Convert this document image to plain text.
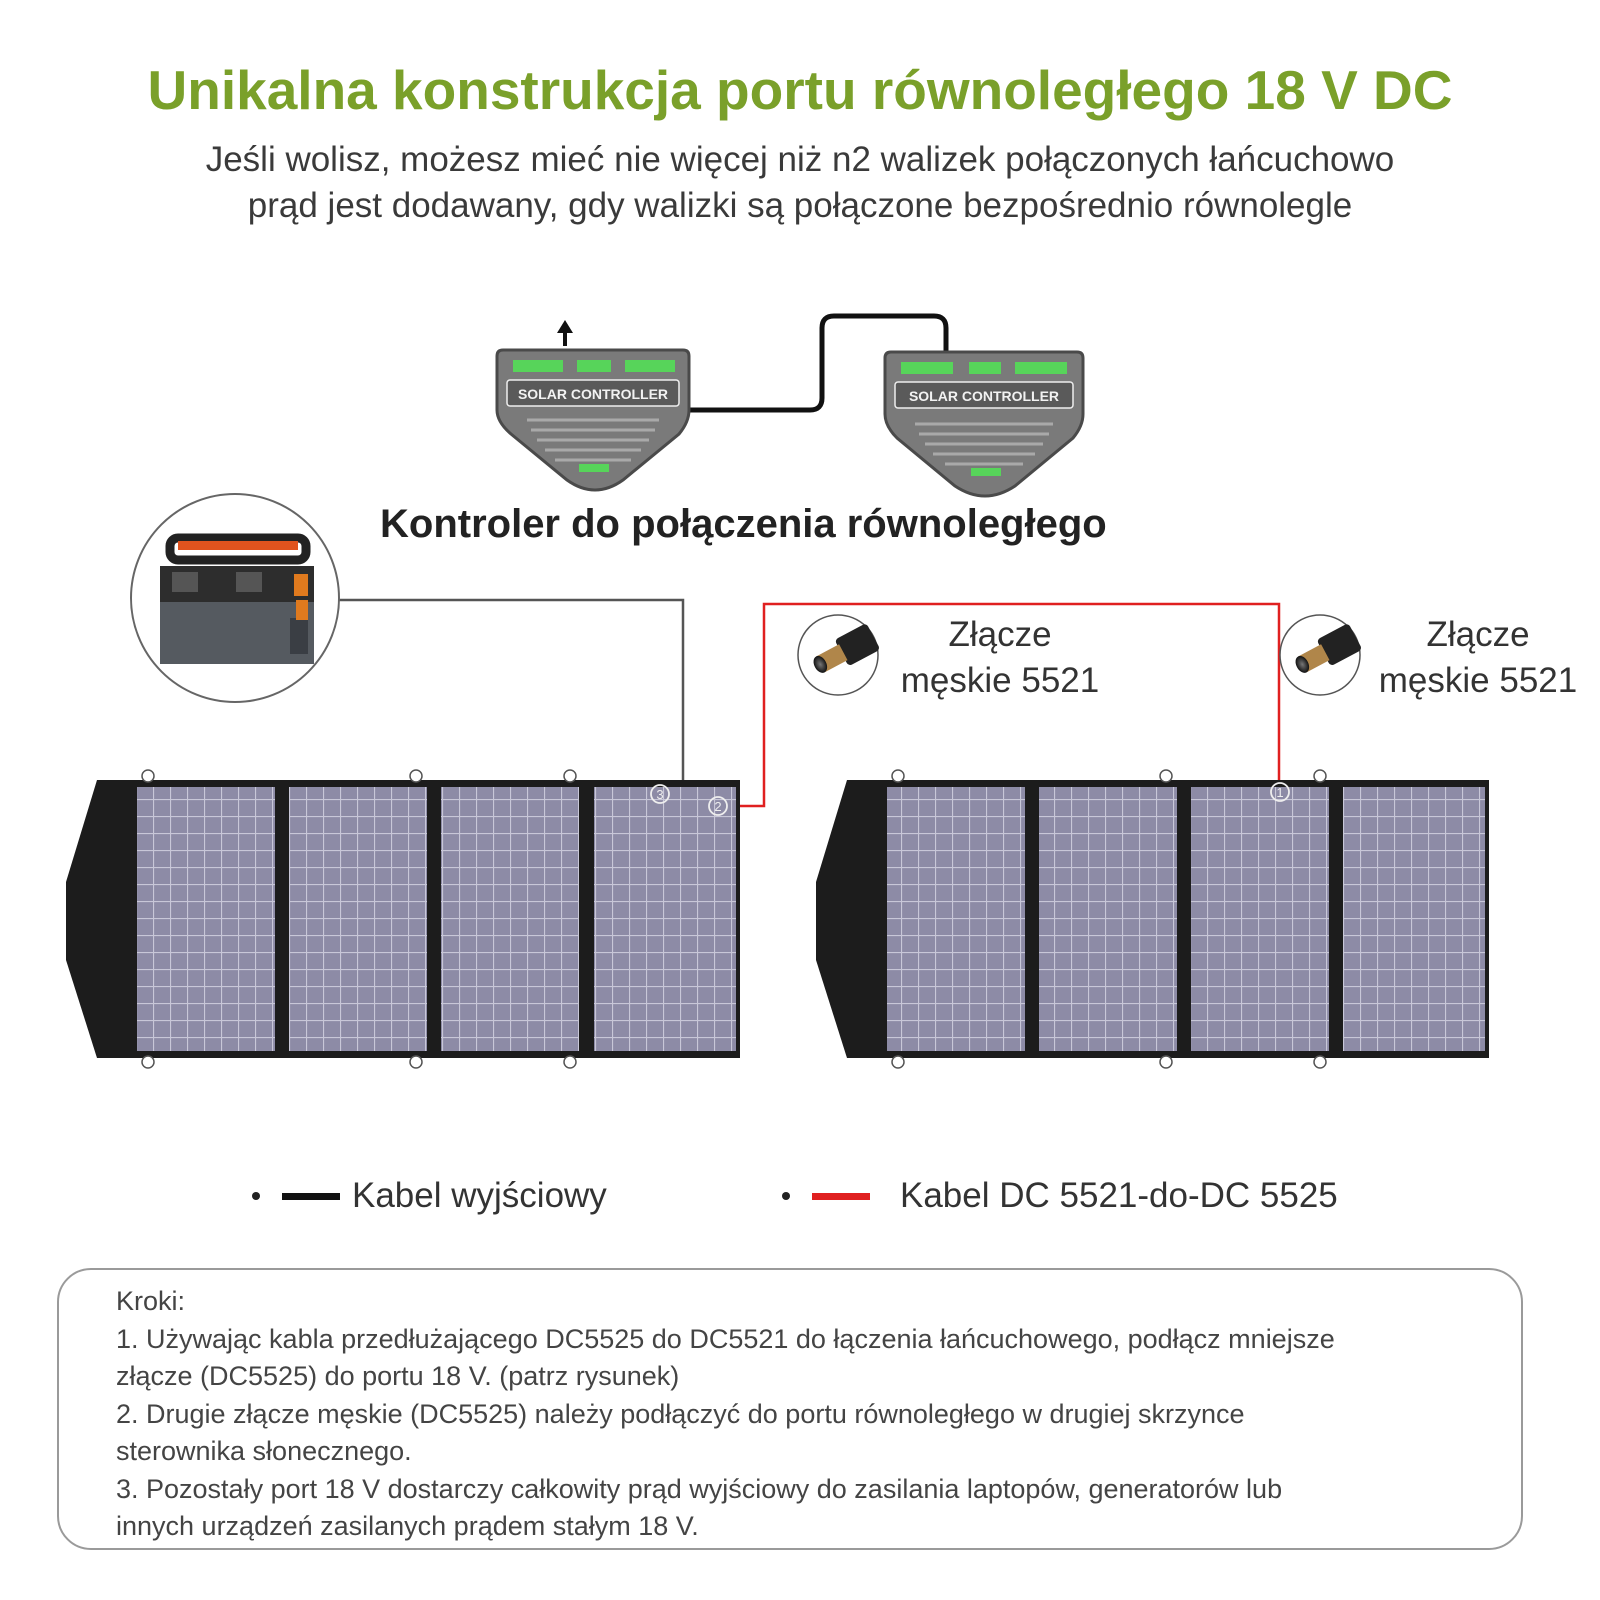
Unikalna konstrukcja portu równoległego 18 V DC

Jeśli wolisz, możesz mieć nie więcej niż n2 walizek połączonych łańcuchowo

prąd jest dodawany, gdy walizki są połączone bezpośrednio równolegle

SOLAR CONTROLLER	SOLAR CONTROLLER
3
2
1
Kontroler do połączenia równoległego
Złącze
męskie 5521
Złącze
męskie 5521
Kabel wyjściowy	Kabel DC 5521-do-DC 5525

Kroki:

1. Używając kabla przedłużającego DC5525 do DC5521 do łączenia łańcuchowego, podłącz mniejsze

złącze (DC5525) do portu 18 V. (patrz rysunek)

2. Drugie złącze męskie (DC5525) należy podłączyć do portu równoległego w drugiej skrzynce

sterownika słonecznego.

3. Pozostały port 18 V dostarczy całkowity prąd wyjściowy do zasilania laptopów, generatorów lub

innych urządzeń zasilanych prądem stałym 18 V.
